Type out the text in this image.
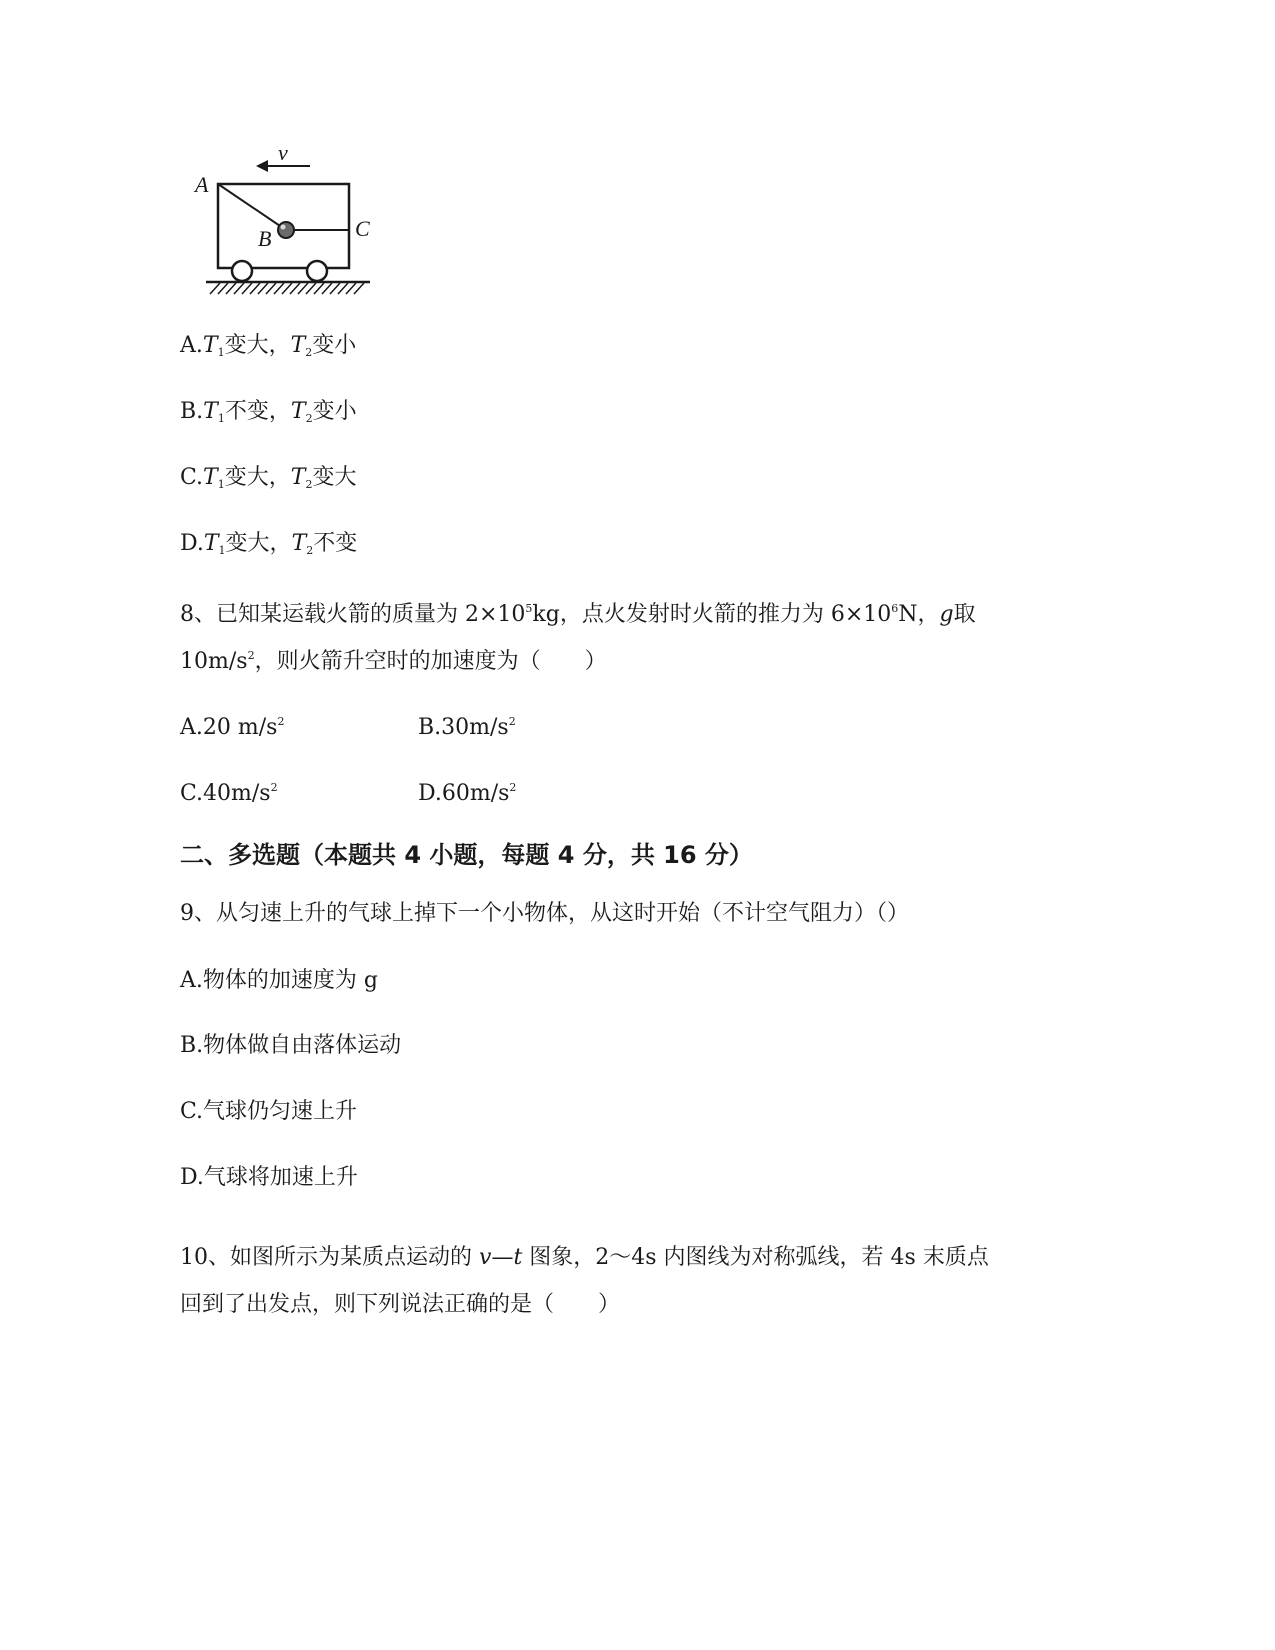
v
A
B	C
$A.T_1$变大，$T_2$变小
$B.T_1$不变，$T_2$变小
$C.T_1$变大，$T_2$变大
$D.T_1$变大，$T_2$不变
8、已知某运载火箭的质量为 $2\times 10^5kg$，点火发射时火箭的推力为 $6\times 10^6N$，g取
$10m/s^2$，则火箭升空时的加速度为（　　）
A.20 $m/s^2$	$B.30m/s^2$
$C.40m/s^2$	$D.60m/s^2$
二、多选题（本题共 4 小题，每题 4 分，共 16 分）
9、从匀速上升的气球上掉下一个小物体，从这时开始（不计空气阻力）（）
A.物体的加速度为 g
B.物体做自由落体运动
C.气球仍匀速上升
D.气球将加速上升
10、如图所示为某质点运动的 v—t 图象，2～4s 内图线为对称弧线，若 4s 末质点
回到了出发点，则下列说法正确的是（　　）
